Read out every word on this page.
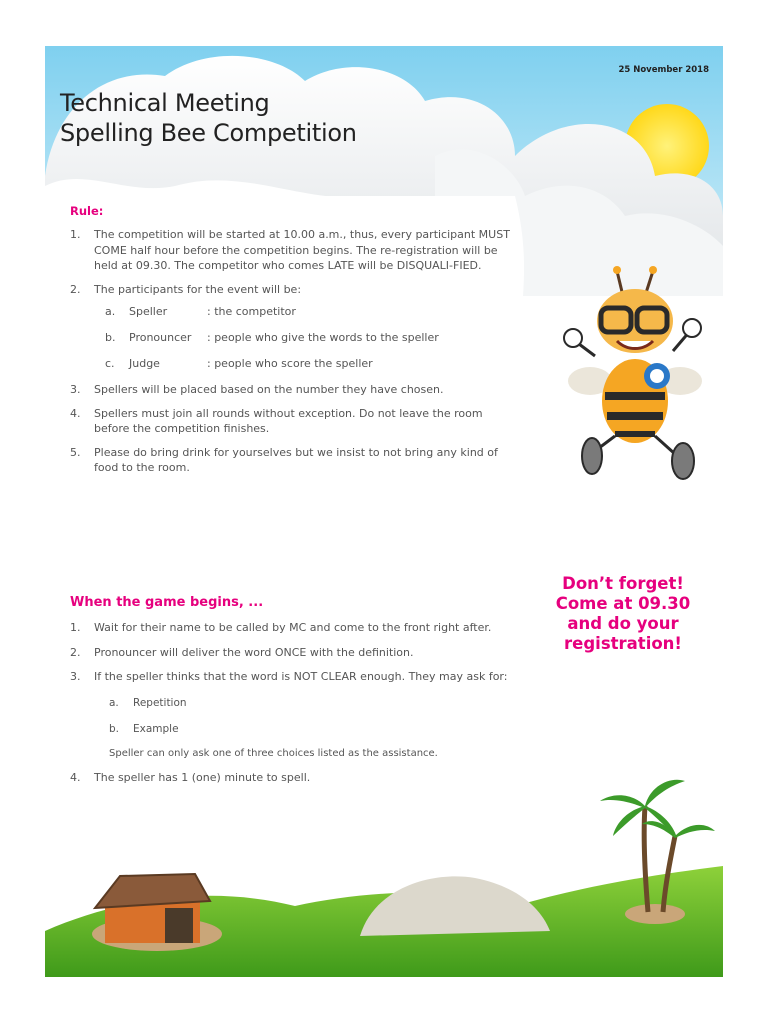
25 November 2018
Technical Meeting
Spelling Bee Competition
Rule:
1. The competition will be started at 10.00 a.m., thus, every participant MUST COME half hour before the competition begins. The re-registration will be held at 09.30. The competitor who comes LATE will be DISQUALI-FIED.
2. The participants for the event will be:
a.	Speller	: the competitor
b.	Pronouncer	: people who give the words to the speller
c.	Judge	: people who score the speller
3. Spellers will be placed based on the number they have chosen.
4. Spellers must join all rounds without exception. Do not leave the room before the competition finishes.
5. Please do bring drink for yourselves but we insist to not bring any kind of food to the room.
When the game begins, ...
1. Wait for their name to be called by MC and come to the front right after.
2. Pronouncer will deliver the word ONCE with the definition.
3. If the speller thinks that the word is NOT CLEAR enough. They may ask for:
a. Repetition
b. Example
Speller can only ask one of three choices listed as the assistance.
4. The speller has 1 (one) minute to spell.
Don’t forget!
Come at 09.30
and do your
registration!
